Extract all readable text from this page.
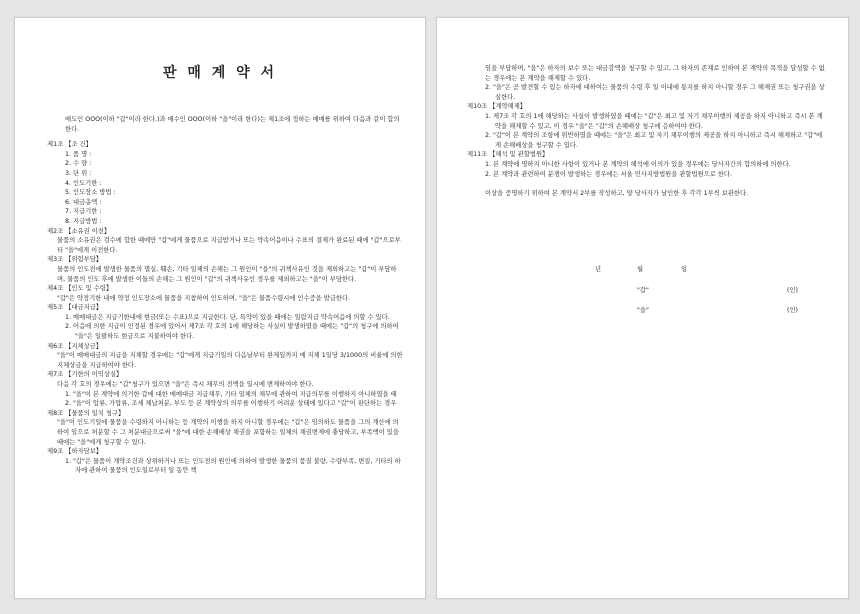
판 매 계 약 서

매도인 OOO(이하 "갑"이라 한다.)과 매수인 OOO(이하 "을"이라 한다)는 제1조에 정하는 매매를 위하여 다음과 같이 합의한다.

제1조 【조 건】

1. 품 명 :

2. 수 량 :

3. 단 위 :

4. 인도기한 :

5. 인도장소 방법 :

6. 대금총액 :

7. 지급기한 :

8. 지급방법 :

제2조 【소유권 이전】

물품의 소유권은 검수에 합한 때에만 "갑"에게 물품으로 지급받거나 또는 약속어음이나 수표의 결제가 완료된 때에 "갑"으로부터 "을"에게 이전한다.

제3조 【위험부담】

물품의 인도전에 발생한 물품의 멸실, 훼손, 기타 일체의 손해는 그 원인이 "을"의 귀책사유인 것을 제외하고는 "갑"이 부담하며, 물품의 인도 후에 발생한 이들의 손해는 그 원인이 "갑"의 귀책사유인 경우를 제외하고는 "을"이 부담한다.

제4조 【인도 및 수령】

"갑"은 약정기한 내에 약정 인도장소에 물품을 지참하여 인도하며, "을"은 물품수령시에 인수증을 발급한다.

제5조 【대금지급】

1. 매매대금은 지급기한내에 현금(또는 수표)으로 지급한다. 단, 특약이 있을 때에는 일람지급 약속어음에 의할 수 있다.

2. 어음에 의한 지급이 인정된 경우에 있어서 제7조 각 호의 1에 해당하는 사실이 발생하였을 때에는 "갑"의 청구에 의하여 "을"은 일괄하도 현금으로 지불하여야 한다.

제6조 【지체상금】

"을"이 매매대금의 지급을 지체할 경우에는 "갑"에게 지급기일의 다음날부터 완제일까지 매 지체 1일당 3/1000의 비율에 의한 지체상금을 지급하여야 한다.

제7조 【기한의 이익상실】

다음 각 호의 경우에는 "갑"청구가 있으면 "을"은 즉시 채무의 전액을 일시에 변제하여야 한다.

1. "을"이 본 계약에 의거한 갑에 대한 매매대금 지급채무, 기타 일체의 채무에 관하여 지급의무를 이행하지 아니하였을 때

2. "을"이 압류, 가압류, 조세 체납처분, 부도 등 본 계약상의 의무를 이행하기 어려운 상태에 있다고 "갑"이 판단하는 경우

제8조 【물품의 일치 청구】

"을"이 인도기일에 물품을 수령하지 아니하는 등 계약의 이행을 하지 아니할 경우에는 "갑"은 임의하도 물품을 그의 계산에 의하여 임으로 처분할 수 그 처분대금으로써 "을"에 대한 손해배상 채권을 포함하는 일체의 채권변제에 충당하고, 부족액이 있을 때에는 "을"에게 청구할 수 있다.

제9조 【하자담보】

1. "갑"은 물품이 계약조건과 상위하거나 또는 인도전의 원인에 의하여 발생한 물품의 품질 불량, 수량부족, 변질, 기타의 하자에 관하여 물품의 인도일로부터 일 동안 책

임을 부담하며, "을"은 하자의 보수 또는 대금감액을 청구할 수 있고, 그 하자의 존재로 인하여 본 계약의 목적을 달성할 수 없는 경우에는 본 계약을 해제할 수 있다.

2. "을"은 곧 발견할 수 있는 하자에 대하여는 물품의 수령 후 일 이내에 통지를 하지 아니할 경우 그 해제권 또는 청구권을 상실한다.

제10조 【계약해제】

1. 제7조 각 호의 1에 해당하는 사실이 발생하였을 때에는 "갑"은 최고 및 자기 채무이행의 제공을 하지 아니하고 즉시 본 계약을 해제할 수 있고, 이 경우 "을"은 "갑"의 손해배상 청구에 응하여야 한다.

2. "갑"이 본 계약의 조항에 위반하였을 때에는 "을"은 최고 및 자기 채무이행의 제공을 하지 아니하고 즉시 해제하고 "갑"에게 손해배상을 청구할 수 있다.

제11조 【해석 및 관할법원】

1. 본 계약에 명하지 아니한 사항이 있거나 본 계약의 해석에 이의가 있을 경우에는 당사자간의 합의하에 의한다.

2. 본 계약과 관련하여 분쟁이 발생하는 경우에는 서울 민사지방법원을 관할법원으로 한다.

이상을 증명하기 위하여 본 계약서 2부를 작성하고, 양 당사자가 날인한 후 각각 1부씩 보관한다.

년	월	일
"갑"	(인)
"을"	(인)
